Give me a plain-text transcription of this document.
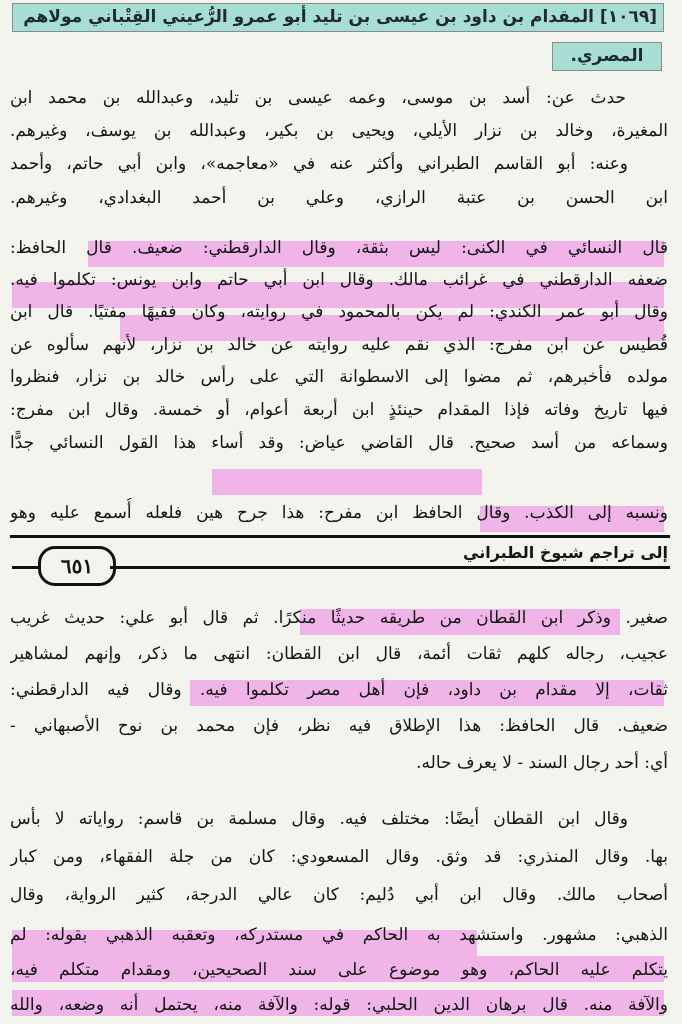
[١٠٦٩] المقدام بن داود بن عيسى بن تليد أبو عمرو الرُّعيني القِتْباني مولاهم
المصري.
حدث عن: أسد بن موسى، وعمه عيسى بن تليد، وعبدالله بن محمد ابن
المغيرة، وخالد بن نزار الأيلي، ويحيى بن بكير، وعبدالله بن يوسف، وغيرهم.
وعنه: أبو القاسم الطبراني وأكثر عنه في «معاجمه»، وابن أبي حاتم، وأحمد
ابن الحسن بن عتبة الرازي، وعلي بن أحمد البغدادي، وغيرهم.
قال النسائي في الكنى: ليس بثقة، وقال الدارقطني: ضعيف. قال الحافظ:
ضعفه الدارقطني في غرائب مالك. وقال ابن أبي حاتم وابن يونس: تكلموا فيه.
وقال أبو عمر الكندي: لم يكن بالمحمود في روايته، وكان فقيهًا مفتيًا. قال ابن
قُطيس عن ابن مفرج: الذي نقم عليه روايته عن خالد بن نزار، لأنهم سألوه عن
مولده فأخبرهم، ثم مضوا إلى الاسطوانة التي على رأس خالد بن نزار، فنظروا
فيها تاريخ وفاته فإذا المقدام حينئذٍ ابن أربعة أعوام، أو خمسة. وقال ابن مفرج:
وسماعه من أسد صحيح. قال القاضي عياض: وقد أساء هذا القول النسائي جدًّا
ونسبه إلى الكذب. وقال الحافظ ابن مفرح: هذا جرح هين فلعله أُسمع عليه وهو
إلى تراجم شيوخ الطبراني
٦٥١
صغير. وذكر ابن القطان من طريقه حديثًا منكرًا. ثم قال أبو علي: حديث غريب
عجيب، رجاله كلهم ثقات أئمة، قال ابن القطان: انتهى ما ذكر، وإنهم لمشاهير
ثقات، إلا مقدام بن داود، فإن أهل مصر تكلموا فيه. وقال فيه الدارقطني:
ضعيف. قال الحافظ: هذا الإطلاق فيه نظر، فإن محمد بن نوح الأصبهاني -
أي: أحد رجال السند - لا يعرف حاله.
وقال ابن القطان أيضًا: مختلف فيه. وقال مسلمة بن قاسم: رواياته لا بأس
بها. وقال المنذري: قد وثق. وقال المسعودي: كان من جلة الفقهاء، ومن كبار
أصحاب مالك. وقال ابن أبي دُليم: كان عالي الدرجة، كثير الرواية، وقال
الذهبي: مشهور. واستشهد به الحاكم في مستدركه، وتعقبه الذهبي بقوله: لم
يتكلم عليه الحاكم، وهو موضوع على سند الصحيحين، ومقدام متكلم فيه،
والآفة منه. قال برهان الدين الحلبي: قوله: والآفة منه، يحتمل أنه وضعه، والله
